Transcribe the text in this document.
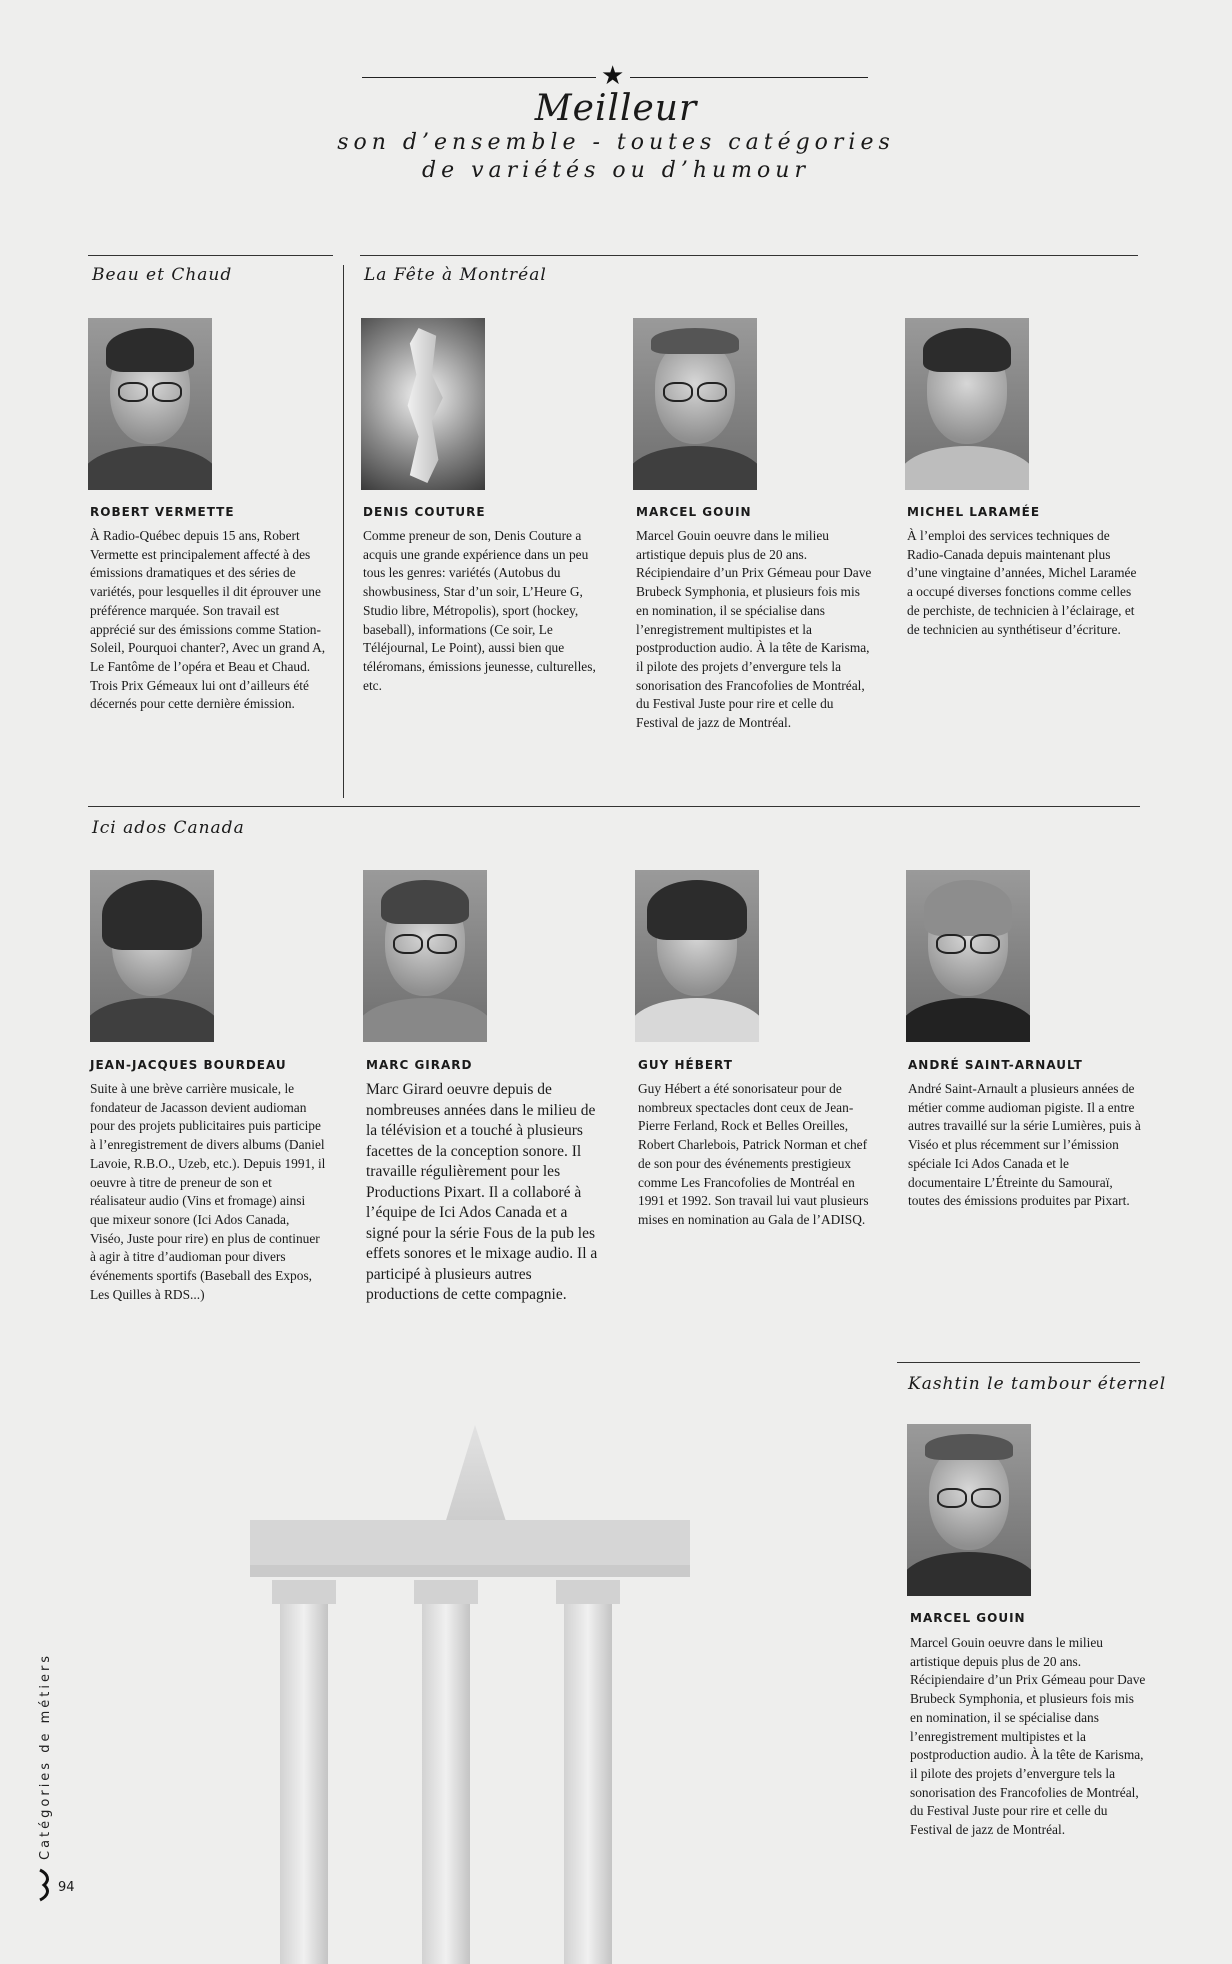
★
Meilleur
son d’ensemble - toutes catégories
de variétés ou d’humour
Beau et Chaud	La Fête à Montréal
ROBERT VERMETTE
À Radio-Québec depuis 15 ans, Robert Vermette est principalement affecté à des émissions dramatiques et des séries de variétés, pour lesquelles il dit éprouver une préférence marquée. Son travail est apprécié sur des émissions comme Station-Soleil, Pourquoi chanter?, Avec un grand A, Le Fantôme de l’opéra et Beau et Chaud. Trois Prix Gémeaux lui ont d’ailleurs été décernés pour cette dernière émission.
DENIS COUTURE
Comme preneur de son, Denis Couture a acquis une grande expérience dans un peu tous les genres: variétés (Autobus du showbusiness, Star d’un soir, L’Heure G, Studio libre, Métropolis), sport (hockey, baseball), informations (Ce soir, Le Téléjournal, Le Point), aussi bien que téléromans, émissions jeunesse, culturelles, etc.
MARCEL GOUIN
Marcel Gouin oeuvre dans le milieu artistique depuis plus de 20 ans. Récipiendaire d’un Prix Gémeau pour Dave Brubeck Symphonia, et plusieurs fois mis en nomination, il se spécialise dans l’enregistrement multipistes et la postproduction audio. À la tête de Karisma, il pilote des projets d’envergure tels la sonorisation des Francofolies de Montréal, du Festival Juste pour rire et celle du Festival de jazz de Montréal.
MICHEL LARAMÉE
À l’emploi des services techniques de Radio-Canada depuis maintenant plus d’une vingtaine d’années, Michel Laramée a occupé diverses fonctions comme celles de perchiste, de technicien à l’éclairage, et de technicien au synthétiseur d’écriture.
Ici ados Canada
JEAN-JACQUES BOURDEAU
Suite à une brève carrière musicale, le fondateur de Jacasson devient audioman pour des projets publicitaires puis participe à l’enregistrement de divers albums (Daniel Lavoie, R.B.O., Uzeb, etc.). Depuis 1991, il oeuvre à titre de preneur de son et réalisateur audio (Vins et fromage) ainsi que mixeur sonore (Ici Ados Canada, Viséo, Juste pour rire) en plus de continuer à agir à titre d’audioman pour divers événements sportifs (Baseball des Expos, Les Quilles à RDS...)
MARC GIRARD
Marc Girard oeuvre depuis de nombreuses années dans le milieu de la télévision et a touché à plusieurs facettes de la conception sonore. Il travaille régulièrement pour les Productions Pixart. Il a collaboré à l’équipe de Ici Ados Canada et a signé pour la série Fous de la pub les effets sonores et le mixage audio. Il a participé à plusieurs autres productions de cette compagnie.
GUY HÉBERT
Guy Hébert a été sonorisateur pour de nombreux spectacles dont ceux de Jean-Pierre Ferland, Rock et Belles Oreilles, Robert Charlebois, Patrick Norman et chef de son pour des événements prestigieux comme Les Francofolies de Montréal en 1991 et 1992. Son travail lui vaut plusieurs mises en nomination au Gala de l’ADISQ.
ANDRÉ SAINT-ARNAULT
André Saint-Arnault a plusieurs années de métier comme audioman pigiste. Il a entre autres travaillé sur la série Lumières, puis à Viséo et plus récemment sur l’émission spéciale Ici Ados Canada et le documentaire L’Étreinte du Samouraï, toutes des émissions produites par Pixart.
Kashtin le tambour éternel
MARCEL GOUIN
Marcel Gouin oeuvre dans le milieu artistique depuis plus de 20 ans. Récipiendaire d’un Prix Gémeau pour Dave Brubeck Symphonia, et plusieurs fois mis en nomination, il se spécialise dans l’enregistrement multipistes et la postproduction audio. À la tête de Karisma, il pilote des projets d’envergure tels la sonorisation des Francofolies de Montréal, du Festival Juste pour rire et celle du Festival de jazz de Montréal.
Catégories de métiers
94
